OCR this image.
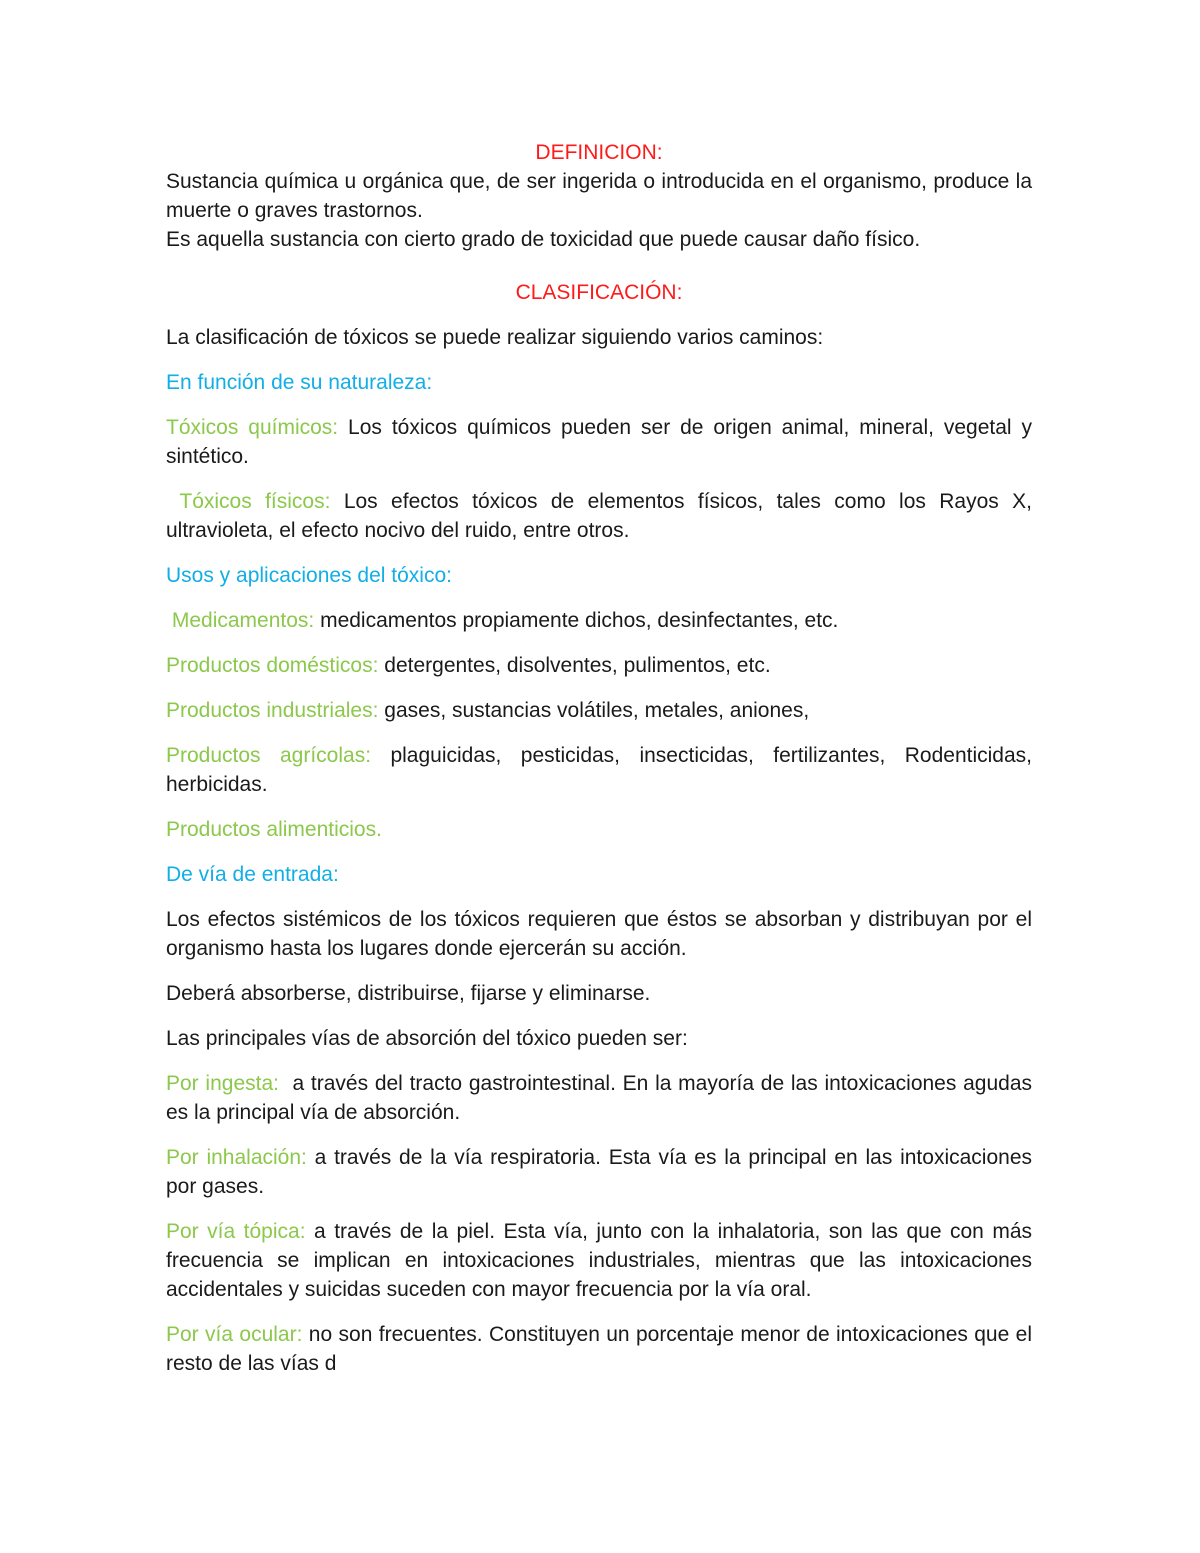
DEFINICION:

Sustancia química u orgánica que, de ser ingerida o introducida en el organismo, produce la muerte o graves trastornos.

Es aquella sustancia con cierto grado de toxicidad que puede causar daño físico.

CLASIFICACIÓN:

La clasificación de tóxicos se puede realizar siguiendo varios caminos:

En función de su naturaleza:

Tóxicos químicos: Los tóxicos químicos pueden ser de origen animal, mineral, vegetal y sintético.

Tóxicos físicos: Los efectos tóxicos de elementos físicos, tales como los Rayos X, ultravioleta, el efecto nocivo del ruido, entre otros.

Usos y aplicaciones del tóxico:

Medicamentos: medicamentos propiamente dichos, desinfectantes, etc.

Productos domésticos: detergentes, disolventes, pulimentos, etc.

Productos industriales: gases, sustancias volátiles, metales, aniones,

Productos agrícolas: plaguicidas, pesticidas, insecticidas, fertilizantes, Rodenticidas, herbicidas.

Productos alimenticios.

De vía de entrada:

Los efectos sistémicos de los tóxicos requieren que éstos se absorban y distribuyan por el organismo hasta los lugares donde ejercerán su acción.

Deberá absorberse, distribuirse, fijarse y eliminarse.

Las principales vías de absorción del tóxico pueden ser:

Por ingesta:  a través del tracto gastrointestinal. En la mayoría de las intoxicaciones agudas es la principal vía de absorción.

Por inhalación: a través de la vía respiratoria. Esta vía es la principal en las intoxicaciones por gases.

Por vía tópica: a través de la piel. Esta vía, junto con la inhalatoria, son las que con más frecuencia se implican en intoxicaciones industriales, mientras que las intoxicaciones accidentales y suicidas suceden con mayor frecuencia por la vía oral.

Por vía ocular: no son frecuentes. Constituyen un porcentaje menor de intoxicaciones que el resto de las vías d
